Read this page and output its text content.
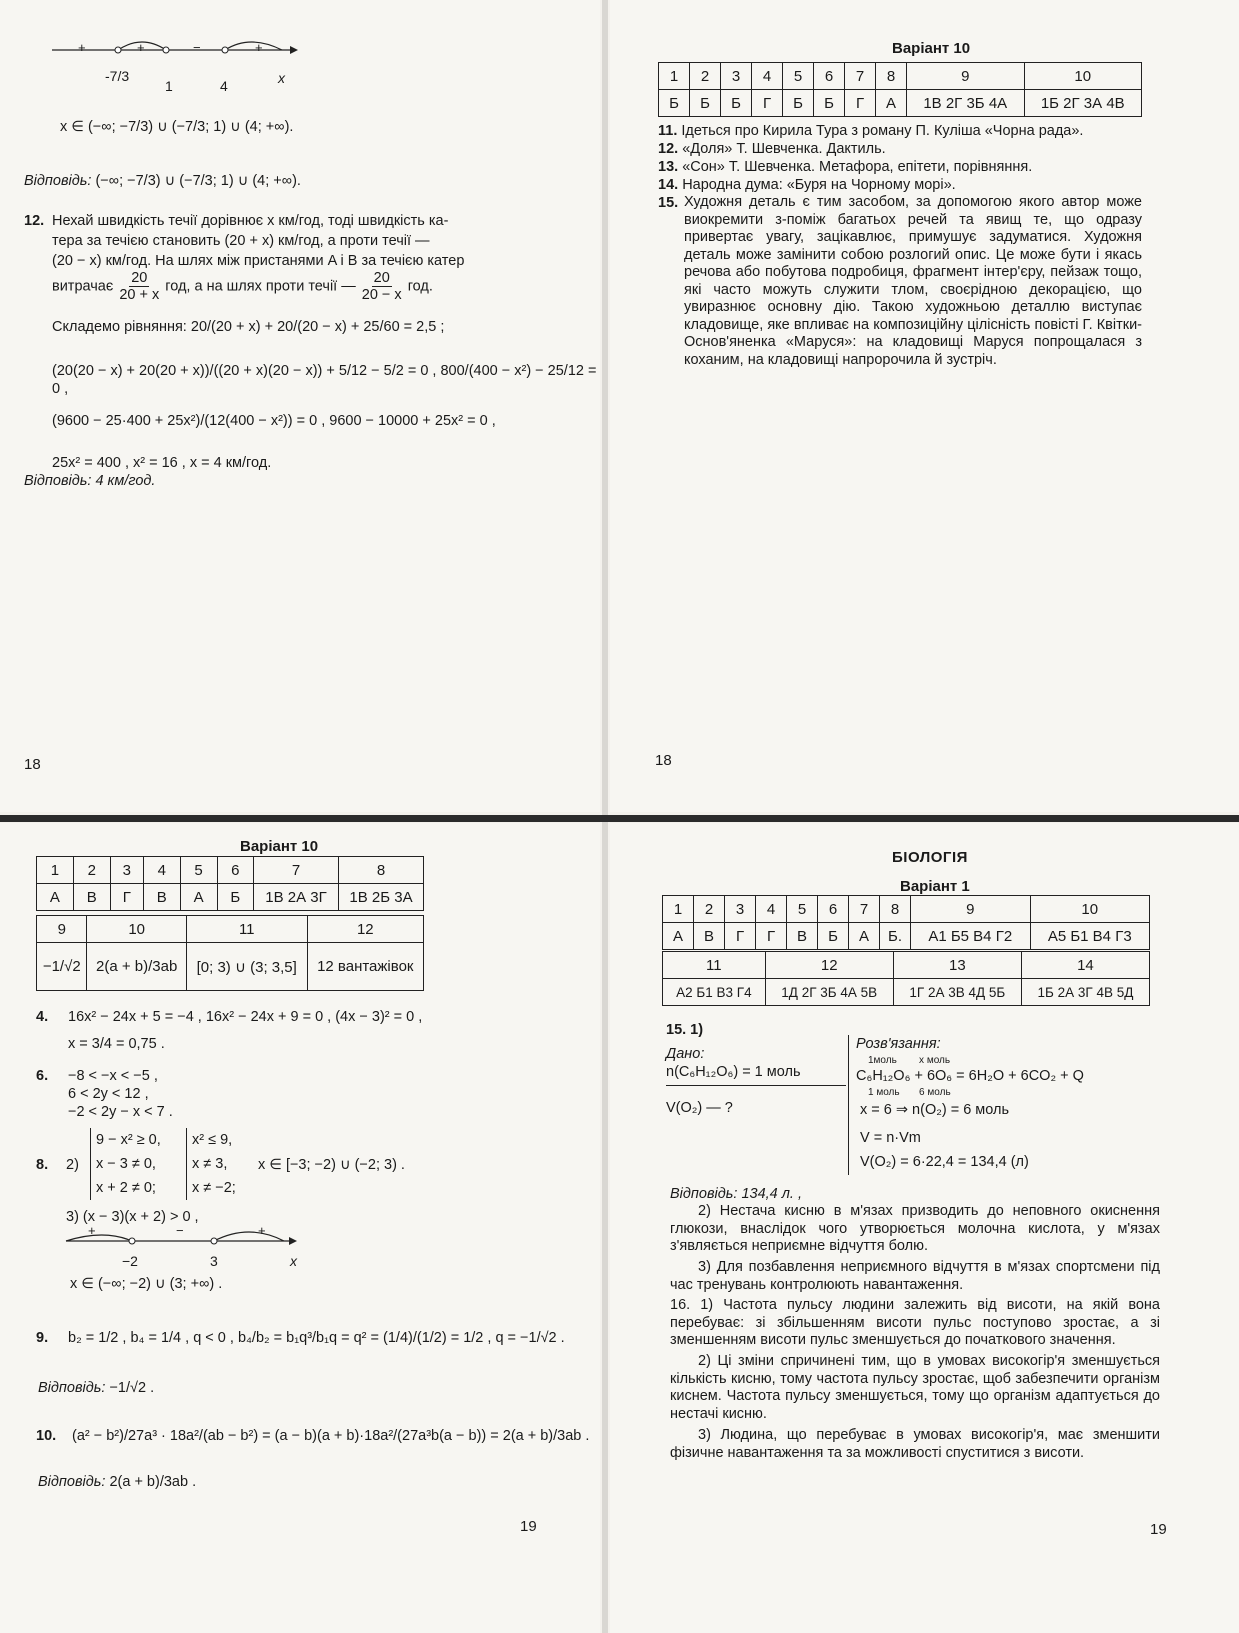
+	+	−	+
-7/3
1	4	x
x ∈ (−∞; −7/3) ∪ (−7/3; 1) ∪ (4; +∞).
Відповідь: (−∞; −7/3) ∪ (−7/3; 1) ∪ (4; +∞).
12. Нехай швидкість течії дорівнює x км/год, тоді швидкість ка-
тера за течією становить (20 + x) км/год, а проти течії —
(20 − x) км/год. На шлях між пристанями A і B за течією катер
витрачає $\frac{20}{20 + x}$ год, а на шлях проти течії — $\frac{20}{20 - x}$ год.
Складемо рівняння: 20/(20 + x) + 20/(20 − x) + 25/60 = 2,5 ;
(20(20 − x) + 20(20 + x))/((20 + x)(20 − x)) + 5/12 − 5/2 = 0 , 800/(400 − x²) − 25/12 = 0 ,
(9600 − 25·400 + 25x²)/(12(400 − x²)) = 0 , 9600 − 10000 + 25x² = 0 ,
25x² = 400 , x² = 16 , x = 4 км/год.
Відповідь: 4 км/год.
18
Варіант 10
1	2	3	4	5	6	7	8	9	10
Б	Б	Б	Г	Б	Б	Г	А	1В 2Г 3Б 4А	1Б 2Г 3А 4В
11. Ідеться про Кирила Тура з роману П. Куліша «Чорна рада».
12. «Доля» Т. Шевченка. Дактиль.
13. «Сон» Т. Шевченка. Метафора, епітети, порівняння.
14. Народна дума: «Буря на Чорному морі».
15. Художня деталь є тим засобом, за допомогою якого автор може виокремити з-поміж багатьох речей та явищ те, що одразу привертає увагу, зацікавлює, примушує задуматися. Художня деталь може замінити собою розлогий опис. Це може бути і якась речова або побутова подробиця, фрагмент інтер'єру, пейзаж тощо, які часто можуть служити тлом, своєрідною декорацією, що увиразнює основну дію. Такою художньою деталлю виступає кладовище, яке впливає на композиційну цілісність повісті Г. Квітки-Основ'яненка «Маруся»: на кладовищі Маруся попрощалася з коханим, на кладовищі напророчила й зустріч.
18
Варіант 10
1	2	3	4	5	6	7	8
А	В	Г	В	А	Б	1В 2А 3Г	1В 2Б 3А
9	10	11	12
−1/√2	2(a + b)/3ab	[0; 3) ∪ (3; 3,5]	12 вантажівок
4. 16x² − 24x + 5 = −4 , 16x² − 24x + 9 = 0 , (4x − 3)² = 0 ,
x = 3/4 = 0,75 .
6. −8 < −x < −5 ,
6 < 2y < 12 ,
−2 < 2y − x < 7 .
8. 2)
9 − x² ≥ 0,
x − 3 ≠ 0,
x + 2 ≠ 0;
x² ≤ 9,
x ≠ 3,
x ≠ −2;
x ∈ [−3; −2) ∪ (−2; 3) .
3) (x − 3)(x + 2) > 0 ,
+	−	+
−2	3	x
x ∈ (−∞; −2) ∪ (3; +∞) .
9. b₂ = 1/2 , b₄ = 1/4 , q < 0 , b₄/b₂ = b₁q³/b₁q = q² = (1/4)/(1/2) = 1/2 , q = −1/√2 .
Відповідь: −1/√2 .
10. (a² − b²)/27a³ · 18a²/(ab − b²) = (a − b)(a + b)·18a²/(27a³b(a − b)) = 2(a + b)/3ab .
Відповідь: 2(a + b)/3ab .
19
БІОЛОГІЯ
Варіант 1
1	2	3	4	5	6	7	8	9	10
А	В	Г	Г	В	Б	А	Б.	А1 Б5 В4 Г2	А5 Б1 В4 Г3
11	12	13	14
А2 Б1 В3 Г4	1Д 2Г 3Б 4А 5В	1Г 2А 3В 4Д 5Б	1Б 2А 3Г 4В 5Д
15. 1)
Дано:
n(C₆H₁₂O₆) = 1 моль
V(O₂) — ?
Розв'язання:
1моль        x моль
C₆H₁₂O₆ + 6O₆ = 6H₂O + 6CO₂ + Q
1 моль       6 моль
x = 6 ⇒ n(O₂) = 6 моль
V = n·Vm
V(O₂) = 6·22,4 = 134,4 (л)
Відповідь: 134,4 л. ,
2) Нестача кисню в м'язах призводить до неповного окиснення глюкози, внаслідок чого утворюється молочна кислота, у м'язах з'являється неприємне відчуття болю.
3) Для позбавлення неприємного відчуття в м'язах спортсмени під час тренувань контролюють навантаження.
16. 1) Частота пульсу людини залежить від висоти, на якій вона перебуває: зі збільшенням висоти пульс поступово зростає, а зі зменшенням висоти пульс зменшується до початкового значення.
2) Ці зміни спричинені тим, що в умовах високогір'я зменшується кількість кисню, тому частота пульсу зростає, щоб забезпечити організм киснем. Частота пульсу зменшується, тому що організм адаптується до нестачі кисню.
3) Людина, що перебуває в умовах високогір'я, має зменшити фізичне навантаження та за можливості спуститися з висоти.
19
